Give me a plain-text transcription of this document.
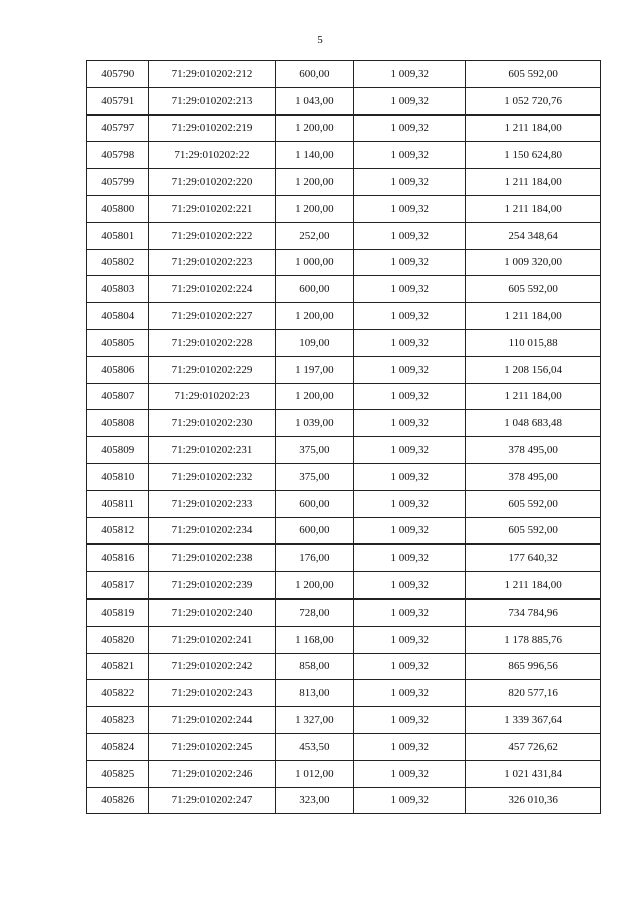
5
405790	71:29:010202:212	600,00	1 009,32	605 592,00
405791	71:29:010202:213	1 043,00	1 009,32	1 052 720,76
405797	71:29:010202:219	1 200,00	1 009,32	1 211 184,00
405798	71:29:010202:22	1 140,00	1 009,32	1 150 624,80
405799	71:29:010202:220	1 200,00	1 009,32	1 211 184,00
405800	71:29:010202:221	1 200,00	1 009,32	1 211 184,00
405801	71:29:010202:222	252,00	1 009,32	254 348,64
405802	71:29:010202:223	1 000,00	1 009,32	1 009 320,00
405803	71:29:010202:224	600,00	1 009,32	605 592,00
405804	71:29:010202:227	1 200,00	1 009,32	1 211 184,00
405805	71:29:010202:228	109,00	1 009,32	110 015,88
405806	71:29:010202:229	1 197,00	1 009,32	1 208 156,04
405807	71:29:010202:23	1 200,00	1 009,32	1 211 184,00
405808	71:29:010202:230	1 039,00	1 009,32	1 048 683,48
405809	71:29:010202:231	375,00	1 009,32	378 495,00
405810	71:29:010202:232	375,00	1 009,32	378 495,00
405811	71:29:010202:233	600,00	1 009,32	605 592,00
405812	71:29:010202:234	600,00	1 009,32	605 592,00
405816	71:29:010202:238	176,00	1 009,32	177 640,32
405817	71:29:010202:239	1 200,00	1 009,32	1 211 184,00
405819	71:29:010202:240	728,00	1 009,32	734 784,96
405820	71:29:010202:241	1 168,00	1 009,32	1 178 885,76
405821	71:29:010202:242	858,00	1 009,32	865 996,56
405822	71:29:010202:243	813,00	1 009,32	820 577,16
405823	71:29:010202:244	1 327,00	1 009,32	1 339 367,64
405824	71:29:010202:245	453,50	1 009,32	457 726,62
405825	71:29:010202:246	1 012,00	1 009,32	1 021 431,84
405826	71:29:010202:247	323,00	1 009,32	326 010,36
